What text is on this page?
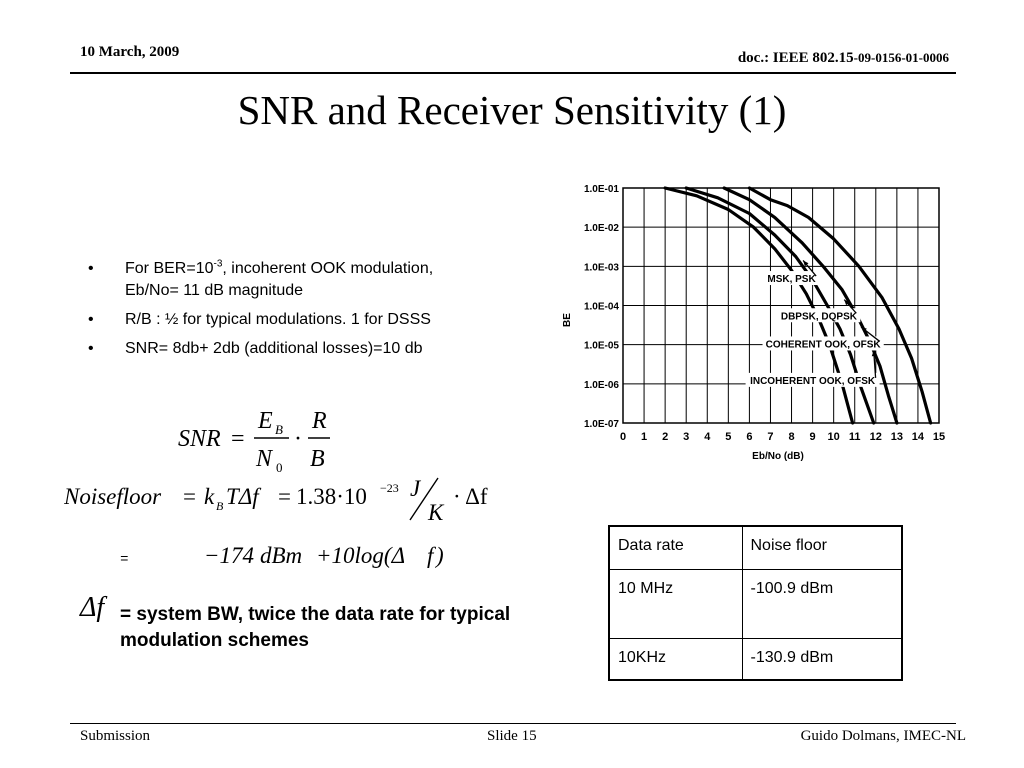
10 March, 2009	doc.: IEEE 802.15-09-0156-01-0006
SNR and Receiver Sensitivity (1)
• For $BER=10^{-3}$, incoherent OOK modulation, Eb/No= 11 dB magnitude
• R/B : ½ for typical modulations. 1 for DSSS
• SNR= 8db+ 2db (additional losses)=10 db
SNR =
E B
N 0
·
R
B
Noisefloor = k B TΔf = 1.38·10 −23 J
K
· Δf
=	−174 dBm +10log(Δ f )
Δf = system BW, twice the data rate for typical modulation schemes
0 1 2 3 4 5 6 7 8 9 10 11 12 13 14 15
1.0E-01
1.0E-02
1.0E-03
1.0E-04
1.0E-05
1.0E-06
1.0E-07
MSK, PSK
DBPSK, DQPSK
COHERENT OOK, OFSK
INCOHERENT OOK, OFSK
BE
Eb/No (dB)
Data rate	Noise floor
10 MHz	-100.9 dBm
10KHz	-130.9 dBm
Submission	Slide 15	Guido Dolmans, IMEC-NL
